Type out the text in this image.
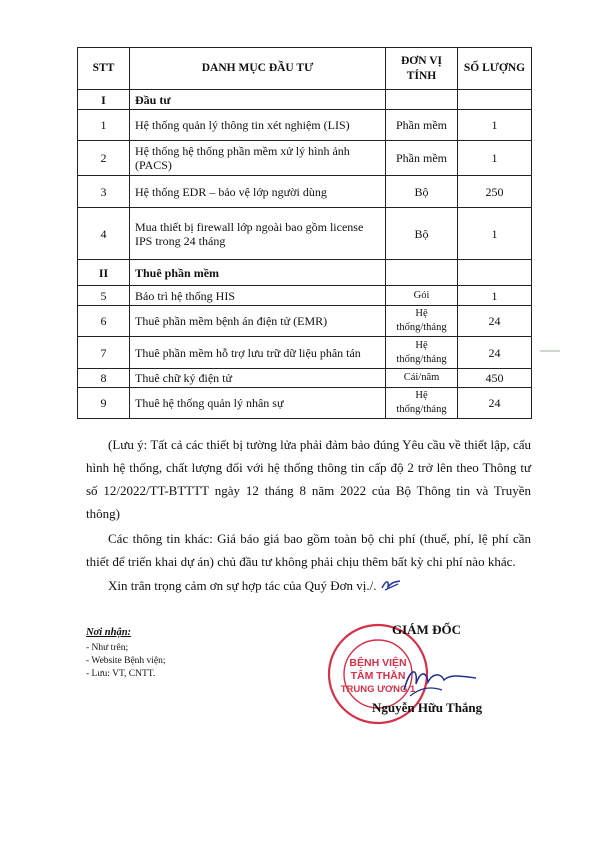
STT	DANH MỤC ĐẦU TƯ	ĐƠN VỊ TÍNH	SỐ LƯỢNG
I	Đầu tư		
1	Hệ thống quản lý thông tin xét nghiệm (LIS)	Phần mềm	1
2	Hệ thống hệ thống phần mềm xử lý hình ảnh (PACS)	Phần mềm	1
3	Hệ thống EDR – bảo vệ lớp người dùng	Bộ	250
4	Mua thiết bị firewall lớp ngoài bao gồm license IPS trong 24 tháng	Bộ	1
II	Thuê phần mềm		
5	Bảo trì hệ thống HIS	Gói	1
6	Thuê phần mềm bệnh án điện tử (EMR)	Hệ thống/tháng	24
7	Thuê phần mềm hỗ trợ lưu trữ dữ liệu phân tán	Hệ thống/tháng	24
8	Thuê chữ ký điện tử	Cái/năm	450
9	Thuê hệ thống quản lý nhân sự	Hệ thống/tháng	24

(Lưu ý: Tất cả các thiết bị tường lửa phải đảm bảo đúng Yêu cầu về thiết lập, cấu hình hệ thống, chất lượng đối với hệ thống thông tin cấp độ 2 trở lên theo Thông tư số 12/2022/TT-BTTTT ngày 12 tháng 8 năm 2022 của Bộ Thông tin và Truyền thông)

Các thông tin khác: Giá báo giá bao gồm toàn bộ chi phí (thuế, phí, lệ phí cần thiết để triển khai dự án) chủ đầu tư không phải chịu thêm bất kỳ chi phí nào khác.

Xin trân trọng cảm ơn sự hợp tác của Quý Đơn vị./.

Nơi nhận:
- Như trên;
- Website Bệnh viện;
- Lưu: VT, CNTT.
BỆNH VIỆN
TÂM THẦN
TRUNG ƯƠNG 1
GIÁM ĐỐC
Nguyễn Hữu Thắng
